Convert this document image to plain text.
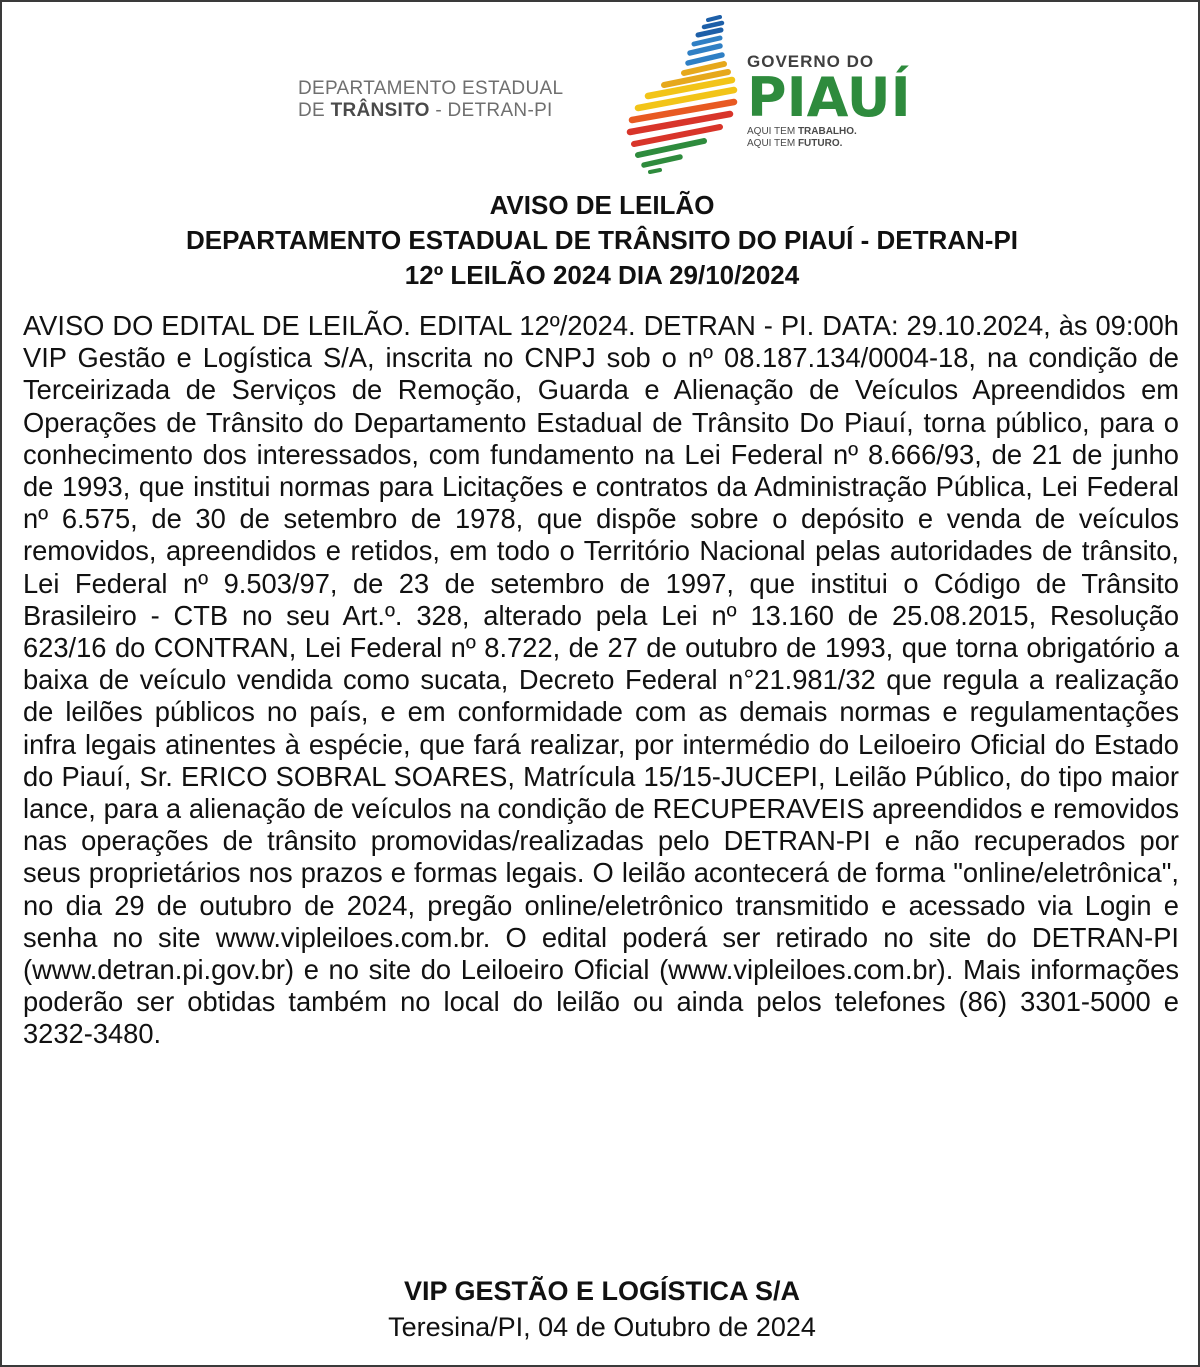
DEPARTAMENTO ESTADUAL
DE TRÂNSITO - DETRAN-PI
GOVERNO DO
PIAUÍ
AQUI TEM TRABALHO.
AQUI TEM FUTURO.
AVISO DE LEILÃO
DEPARTAMENTO ESTADUAL DE TRÂNSITO DO PIAUÍ - DETRAN-PI
12º LEILÃO 2024 DIA 29/10/2024
AVISO DO EDITAL DE LEILÃO. EDITAL 12º/2024. DETRAN - PI. DATA: 29.10.2024, às 09:00h VIP Gestão e Logística S/A, inscrita no CNPJ sob o nº 08.187.134/0004-18, na condição de Terceirizada de Serviços de Remoção, Guarda e Alienação de Veículos Apreendidos em Operações de Trânsito do Departamento Estadual de Trânsito Do Piauí, torna público, para o conhecimento dos interessados, com fundamento na Lei Federal nº 8.666/93, de 21 de junho de 1993, que institui normas para Licitações e contratos da Administração Pública, Lei Federal nº 6.575, de 30 de setembro de 1978, que dispõe sobre o depósito e venda de veículos removidos, apreendidos e retidos, em todo o Território Nacional pelas autoridades de trânsito, Lei Federal nº 9.503/97, de 23 de setembro de 1997, que institui o Código de Trânsito Brasileiro - CTB no seu Art.º. 328, alterado pela Lei nº 13.160 de 25.08.2015, Resolução 623/16 do CONTRAN, Lei Federal nº 8.722, de 27 de outubro de 1993, que torna obrigatório a baixa de veículo vendida como sucata, Decreto Federal n°21.981/32 que regula a realização de leilões públicos no país, e em conformidade com as demais normas e regulamentações infra legais atinentes à espécie, que fará realizar, por intermédio do Leiloeiro Oficial do Estado do Piauí, Sr. ERICO SOBRAL SOARES, Matrícula 15/15-JUCEPI, Leilão Público, do tipo maior lance, para a alienação de veículos na condição de RECUPERAVEIS apreendidos e removidos nas operações de trânsito promovidas/realizadas pelo DETRAN-PI e não recuperados por seus proprietários nos prazos e formas legais. O leilão acontecerá de forma "online/eletrônica", no dia 29 de outubro de 2024, pregão online/eletrônico transmitido e acessado via Login e senha no site www.vipleiloes.com.br. O edital poderá ser retirado no site do DETRAN-PI (www.detran.pi.gov.br) e no site do Leiloeiro Oficial (www.vipleiloes.com.br). Mais informações poderão ser obtidas também no local do leilão ou ainda pelos telefones (86) 3301-5000 e 3232-3480.
VIP GESTÃO E LOGÍSTICA S/A
Teresina/PI, 04 de Outubro de 2024
